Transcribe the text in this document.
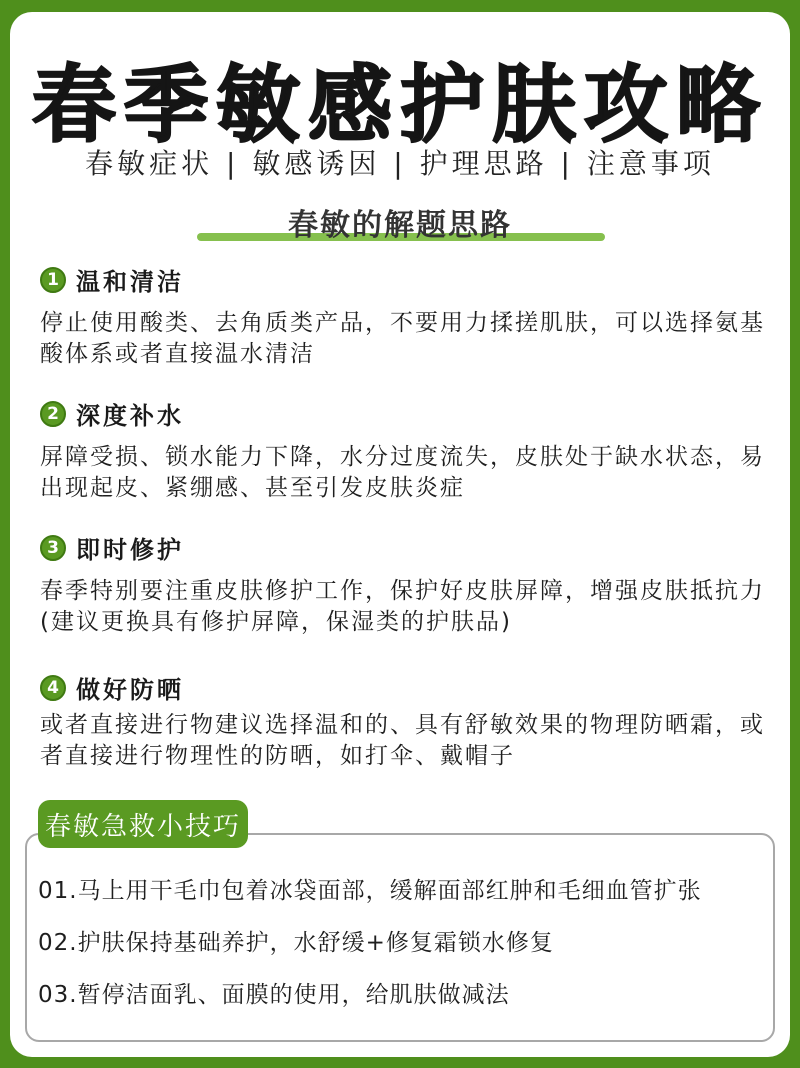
春季敏感护肤攻略
春敏症状 | 敏感诱因 | 护理思路 | 注意事项
春敏的解题思路
1 温和清洁
停止使用酸类、去角质类产品，不要用力揉搓肌肤，可以选择氨基酸体系或者直接温水清洁
2 深度补水
屏障受损、锁水能力下降，水分过度流失，皮肤处于缺水状态，易出现起皮、紧绷感、甚至引发皮肤炎症
3 即时修护
春季特别要注重皮肤修护工作，保护好皮肤屏障，增强皮肤抵抗力(建议更换具有修护屏障，保湿类的护肤品)
4 做好防晒
或者直接进行物建议选择温和的、具有舒敏效果的物理防晒霜，或者直接进行物理性的防晒，如打伞、戴帽子
春敏急救小技巧
01.马上用干毛巾包着冰袋面部，缓解面部红肿和毛细血管扩张
02.护肤保持基础养护，水舒缓+修复霜锁水修复
03.暂停洁面乳、面膜的使用，给肌肤做减法
